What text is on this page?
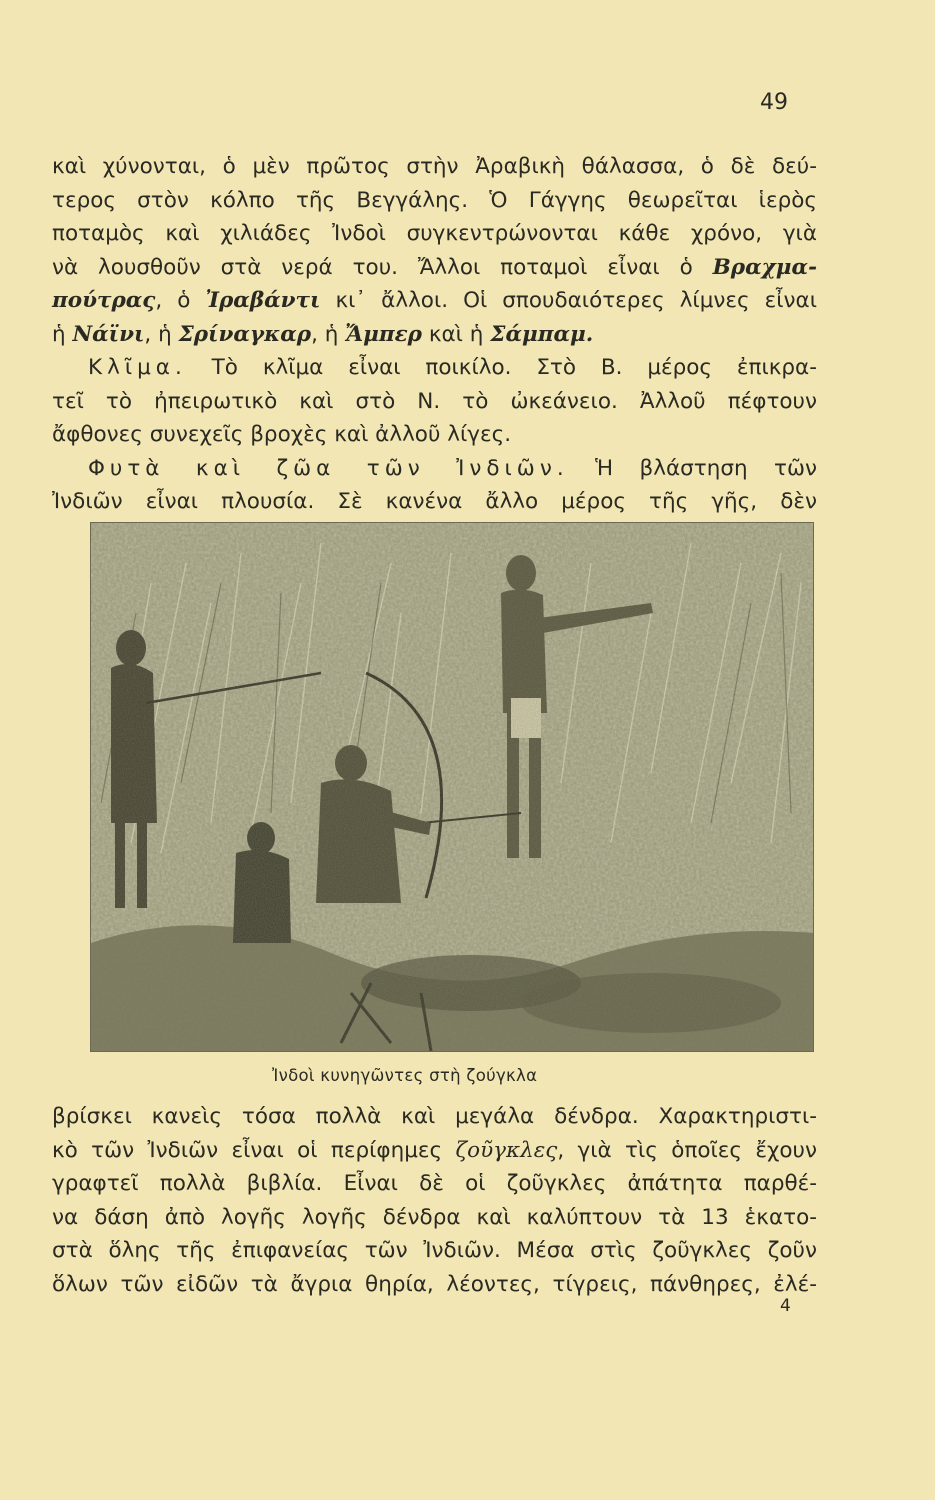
49
καὶ χύνονται, ὁ μὲν πρῶτος στὴν Ἀραβικὴ θάλασσα, ὁ δὲ δεύ-
τερος στὸν κόλπο τῆς Βεγγάλης. Ὁ Γάγγης θεωρεῖται ἱερὸς
ποταμὸς καὶ χιλιάδες Ἰνδοὶ συγκεντρώνονται κάθε χρόνο, γιὰ
νὰ λουσθοῦν στὰ νερά του. Ἄλλοι ποταμοὶ εἶναι ὁ Βραχμα-
πούτρας, ὁ Ἰραβάντι κι᾿ ἄλλοι. Οἱ σπουδαιότερες λίμνες εἶναι
ἡ Νάϊνι, ἡ Σρίναγκαρ, ἡ Ἄμπερ καὶ ἡ Σάμπαμ.
Κλῖμα. Τὸ κλῖμα εἶναι ποικίλο. Στὸ Β. μέρος ἐπικρα-
τεῖ τὸ ἠπειρωτικὸ καὶ στὸ Ν. τὸ ὠκεάνειο. Ἀλλοῦ πέφτουν
ἄφθονες συνεχεῖς βροχὲς καὶ ἀλλοῦ λίγες.
Φυτὰ καὶ ζῶα τῶν Ἰνδιῶν. Ἡ βλάστηση τῶν
Ἰνδιῶν εἶναι πλουσία. Σὲ κανένα ἄλλο μέρος τῆς γῆς, δὲν
Ἰνδοὶ κυνηγῶντες στὴ ζούγκλα
βρίσκει κανεὶς τόσα πολλὰ καὶ μεγάλα δένδρα. Χαρακτηριστι-
κὸ τῶν Ἰνδιῶν εἶναι οἱ περίφημες ζοῦγκλες, γιὰ τὶς ὁποῖες ἔχουν
γραφτεῖ πολλὰ βιβλία. Εἶναι δὲ οἱ ζοῦγκλες ἀπάτητα παρθέ-
να δάση ἀπὸ λογῆς λογῆς δένδρα καὶ καλύπτουν τὰ 13 ἑκατο-
στὰ ὅλης τῆς ἐπιφανείας τῶν Ἰνδιῶν. Μέσα στὶς ζοῦγκλες ζοῦν
ὅλων τῶν εἰδῶν τὰ ἄγρια θηρία, λέοντες, τίγρεις, πάνθηρες, ἐλέ-
4
